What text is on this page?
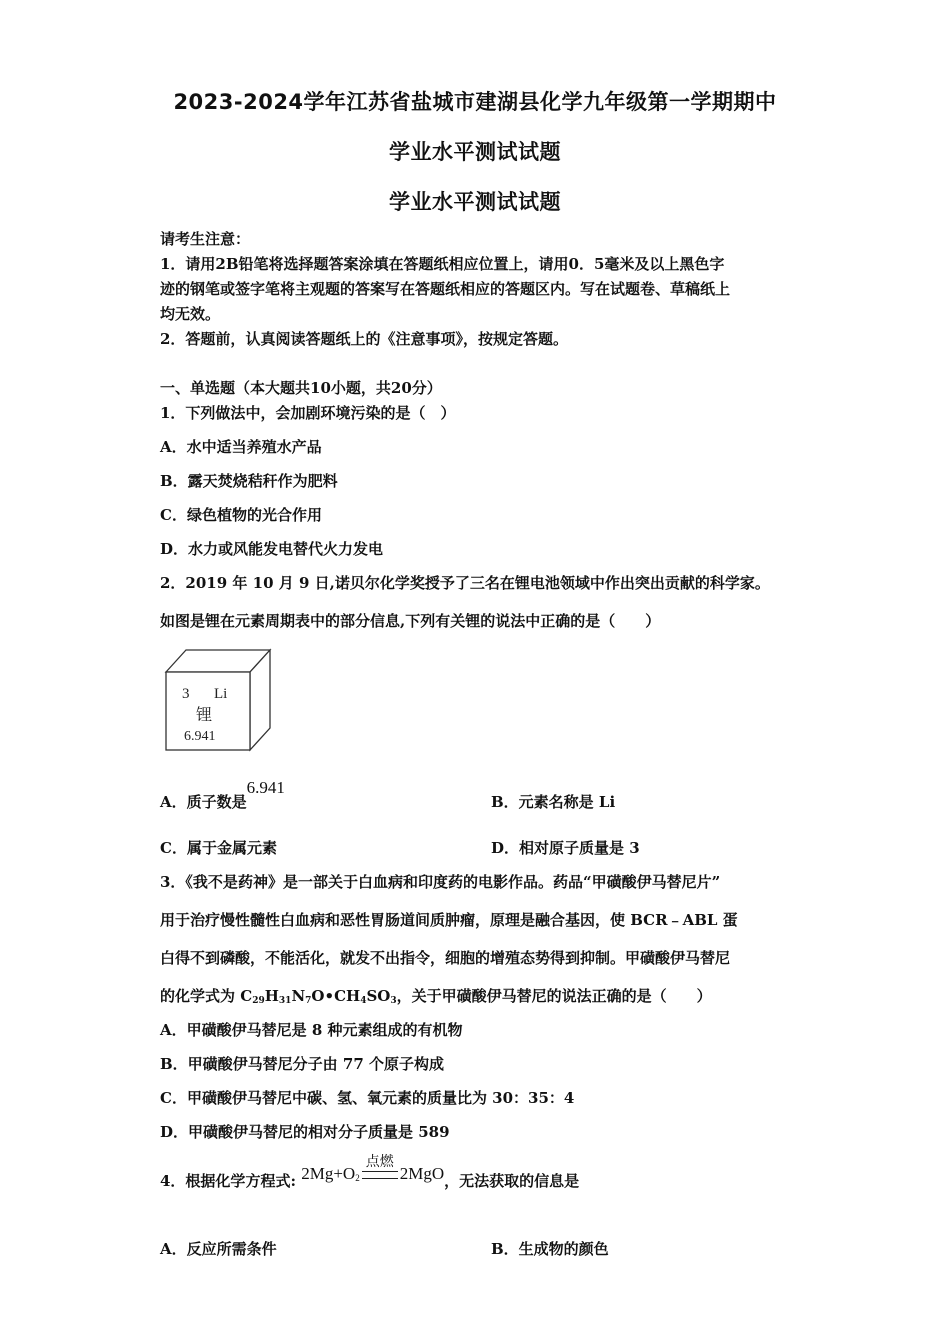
2023-2024学年江苏省盐城市建湖县化学九年级第一学期期中
学业水平测试试题
学业水平测试试题
请考生注意：
1．请用2B铅笔将选择题答案涂填在答题纸相应位置上，请用0．5毫米及以上黑色字
迹的钢笔或签字笔将主观题的答案写在答题纸相应的答题区内。写在试题卷、草稿纸上
均无效。
2．答题前，认真阅读答题纸上的《注意事项》，按规定答题。
一、单选题（本大题共10小题，共20分）
1．下列做法中，会加剧环境污染的是（　）
A．水中适当养殖水产品
B．露天焚烧秸秆作为肥料
C．绿色植物的光合作用
D．水力或风能发电替代火力发电
2．2019 年 10 月 9 日,诺贝尔化学奖授予了三名在锂电池领域中作出突出贡献的科学家。
如图是锂在元素周期表中的部分信息,下列有关锂的说法中正确的是（　　）
3 Li
锂
6.941
A．质子数是6.941
B．元素名称是 Li
C．属于金属元素	D．相对原子质量是 3
3．《我不是药神》是一部关于白血病和印度药的电影作品。药品“甲磺酸伊马替尼片”
用于治疗慢性髓性白血病和恶性胃肠道间质肿瘤，原理是融合基因，使 BCR﹣ABL 蛋
白得不到磷酸，不能活化，就发不出指令，细胞的增殖态势得到抑制。甲磺酸伊马替尼
的化学式为 $C_{29}H_{31}N_7O•CH_4SO_3$，关于甲磺酸伊马替尼的说法正确的是（　　）
A．甲磺酸伊马替尼是 8 种元素组成的有机物
B．甲磺酸伊马替尼分子由 77 个原子构成
C．甲磺酸伊马替尼中碳、氢、氧元素的质量比为 30：35：4
D．甲磺酸伊马替尼的相对分子质量是 589
4．根据化学方程式: $2Mg+O_2$
点燃
2MgO，无法获取的信息是
A．反应所需条件	B．生成物的颜色
